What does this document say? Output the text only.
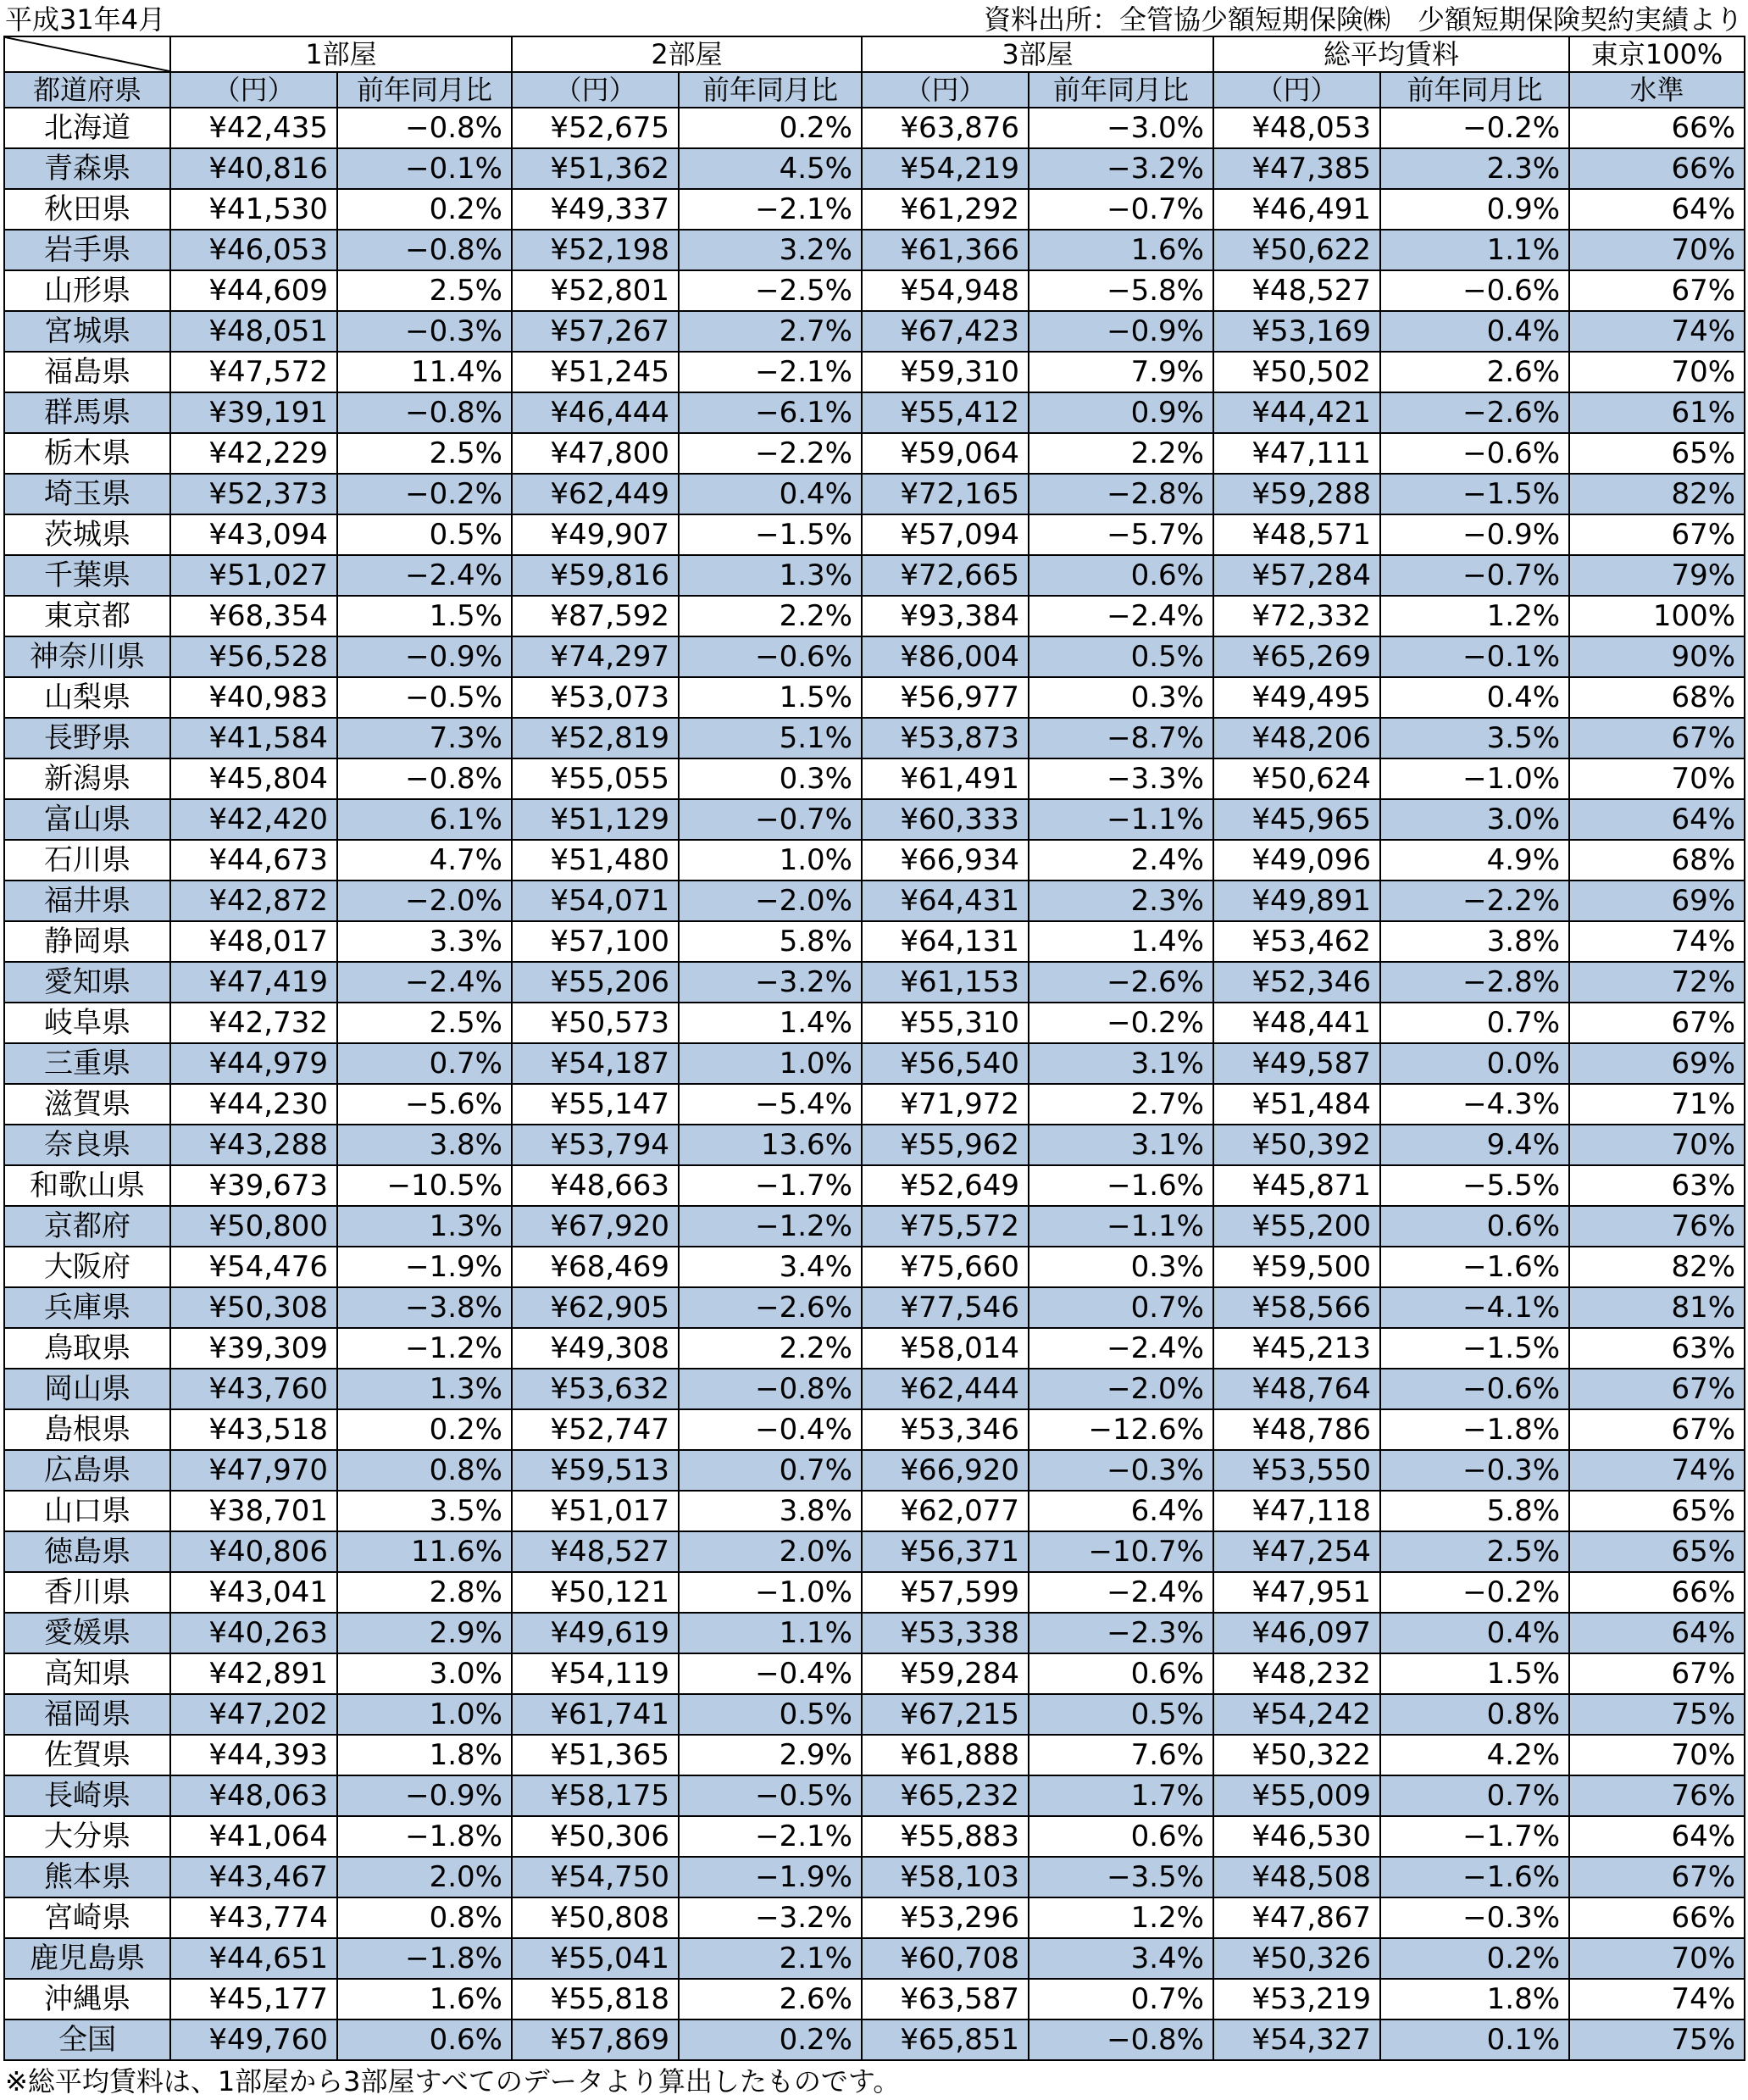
平成31年4月	資料出所：全管協少額短期保険㈱　少額短期保険契約実績より
	1部屋		2部屋		3部屋		総平均賃料		東京100%
都道府県	（円）	前年同月比	（円）	前年同月比	（円）	前年同月比	（円）	前年同月比	水準
北海道	¥42,435	−0.8%	¥52,675	0.2%	¥63,876	−3.0%	¥48,053	−0.2%	66%
青森県	¥40,816	−0.1%	¥51,362	4.5%	¥54,219	−3.2%	¥47,385	2.3%	66%
秋田県	¥41,530	0.2%	¥49,337	−2.1%	¥61,292	−0.7%	¥46,491	0.9%	64%
岩手県	¥46,053	−0.8%	¥52,198	3.2%	¥61,366	1.6%	¥50,622	1.1%	70%
山形県	¥44,609	2.5%	¥52,801	−2.5%	¥54,948	−5.8%	¥48,527	−0.6%	67%
宮城県	¥48,051	−0.3%	¥57,267	2.7%	¥67,423	−0.9%	¥53,169	0.4%	74%
福島県	¥47,572	11.4%	¥51,245	−2.1%	¥59,310	7.9%	¥50,502	2.6%	70%
群馬県	¥39,191	−0.8%	¥46,444	−6.1%	¥55,412	0.9%	¥44,421	−2.6%	61%
栃木県	¥42,229	2.5%	¥47,800	−2.2%	¥59,064	2.2%	¥47,111	−0.6%	65%
埼玉県	¥52,373	−0.2%	¥62,449	0.4%	¥72,165	−2.8%	¥59,288	−1.5%	82%
茨城県	¥43,094	0.5%	¥49,907	−1.5%	¥57,094	−5.7%	¥48,571	−0.9%	67%
千葉県	¥51,027	−2.4%	¥59,816	1.3%	¥72,665	0.6%	¥57,284	−0.7%	79%
東京都	¥68,354	1.5%	¥87,592	2.2%	¥93,384	−2.4%	¥72,332	1.2%	100%
神奈川県	¥56,528	−0.9%	¥74,297	−0.6%	¥86,004	0.5%	¥65,269	−0.1%	90%
山梨県	¥40,983	−0.5%	¥53,073	1.5%	¥56,977	0.3%	¥49,495	0.4%	68%
長野県	¥41,584	7.3%	¥52,819	5.1%	¥53,873	−8.7%	¥48,206	3.5%	67%
新潟県	¥45,804	−0.8%	¥55,055	0.3%	¥61,491	−3.3%	¥50,624	−1.0%	70%
富山県	¥42,420	6.1%	¥51,129	−0.7%	¥60,333	−1.1%	¥45,965	3.0%	64%
石川県	¥44,673	4.7%	¥51,480	1.0%	¥66,934	2.4%	¥49,096	4.9%	68%
福井県	¥42,872	−2.0%	¥54,071	−2.0%	¥64,431	2.3%	¥49,891	−2.2%	69%
静岡県	¥48,017	3.3%	¥57,100	5.8%	¥64,131	1.4%	¥53,462	3.8%	74%
愛知県	¥47,419	−2.4%	¥55,206	−3.2%	¥61,153	−2.6%	¥52,346	−2.8%	72%
岐阜県	¥42,732	2.5%	¥50,573	1.4%	¥55,310	−0.2%	¥48,441	0.7%	67%
三重県	¥44,979	0.7%	¥54,187	1.0%	¥56,540	3.1%	¥49,587	0.0%	69%
滋賀県	¥44,230	−5.6%	¥55,147	−5.4%	¥71,972	2.7%	¥51,484	−4.3%	71%
奈良県	¥43,288	3.8%	¥53,794	13.6%	¥55,962	3.1%	¥50,392	9.4%	70%
和歌山県	¥39,673	−10.5%	¥48,663	−1.7%	¥52,649	−1.6%	¥45,871	−5.5%	63%
京都府	¥50,800	1.3%	¥67,920	−1.2%	¥75,572	−1.1%	¥55,200	0.6%	76%
大阪府	¥54,476	−1.9%	¥68,469	3.4%	¥75,660	0.3%	¥59,500	−1.6%	82%
兵庫県	¥50,308	−3.8%	¥62,905	−2.6%	¥77,546	0.7%	¥58,566	−4.1%	81%
鳥取県	¥39,309	−1.2%	¥49,308	2.2%	¥58,014	−2.4%	¥45,213	−1.5%	63%
岡山県	¥43,760	1.3%	¥53,632	−0.8%	¥62,444	−2.0%	¥48,764	−0.6%	67%
島根県	¥43,518	0.2%	¥52,747	−0.4%	¥53,346	−12.6%	¥48,786	−1.8%	67%
広島県	¥47,970	0.8%	¥59,513	0.7%	¥66,920	−0.3%	¥53,550	−0.3%	74%
山口県	¥38,701	3.5%	¥51,017	3.8%	¥62,077	6.4%	¥47,118	5.8%	65%
徳島県	¥40,806	11.6%	¥48,527	2.0%	¥56,371	−10.7%	¥47,254	2.5%	65%
香川県	¥43,041	2.8%	¥50,121	−1.0%	¥57,599	−2.4%	¥47,951	−0.2%	66%
愛媛県	¥40,263	2.9%	¥49,619	1.1%	¥53,338	−2.3%	¥46,097	0.4%	64%
高知県	¥42,891	3.0%	¥54,119	−0.4%	¥59,284	0.6%	¥48,232	1.5%	67%
福岡県	¥47,202	1.0%	¥61,741	0.5%	¥67,215	0.5%	¥54,242	0.8%	75%
佐賀県	¥44,393	1.8%	¥51,365	2.9%	¥61,888	7.6%	¥50,322	4.2%	70%
長崎県	¥48,063	−0.9%	¥58,175	−0.5%	¥65,232	1.7%	¥55,009	0.7%	76%
大分県	¥41,064	−1.8%	¥50,306	−2.1%	¥55,883	0.6%	¥46,530	−1.7%	64%
熊本県	¥43,467	2.0%	¥54,750	−1.9%	¥58,103	−3.5%	¥48,508	−1.6%	67%
宮崎県	¥43,774	0.8%	¥50,808	−3.2%	¥53,296	1.2%	¥47,867	−0.3%	66%
鹿児島県	¥44,651	−1.8%	¥55,041	2.1%	¥60,708	3.4%	¥50,326	0.2%	70%
沖縄県	¥45,177	1.6%	¥55,818	2.6%	¥63,587	0.7%	¥53,219	1.8%	74%
全国	¥49,760	0.6%	¥57,869	0.2%	¥65,851	−0.8%	¥54,327	0.1%	75%
※総平均賃料は、1部屋から3部屋すべてのデータより算出したものです。
